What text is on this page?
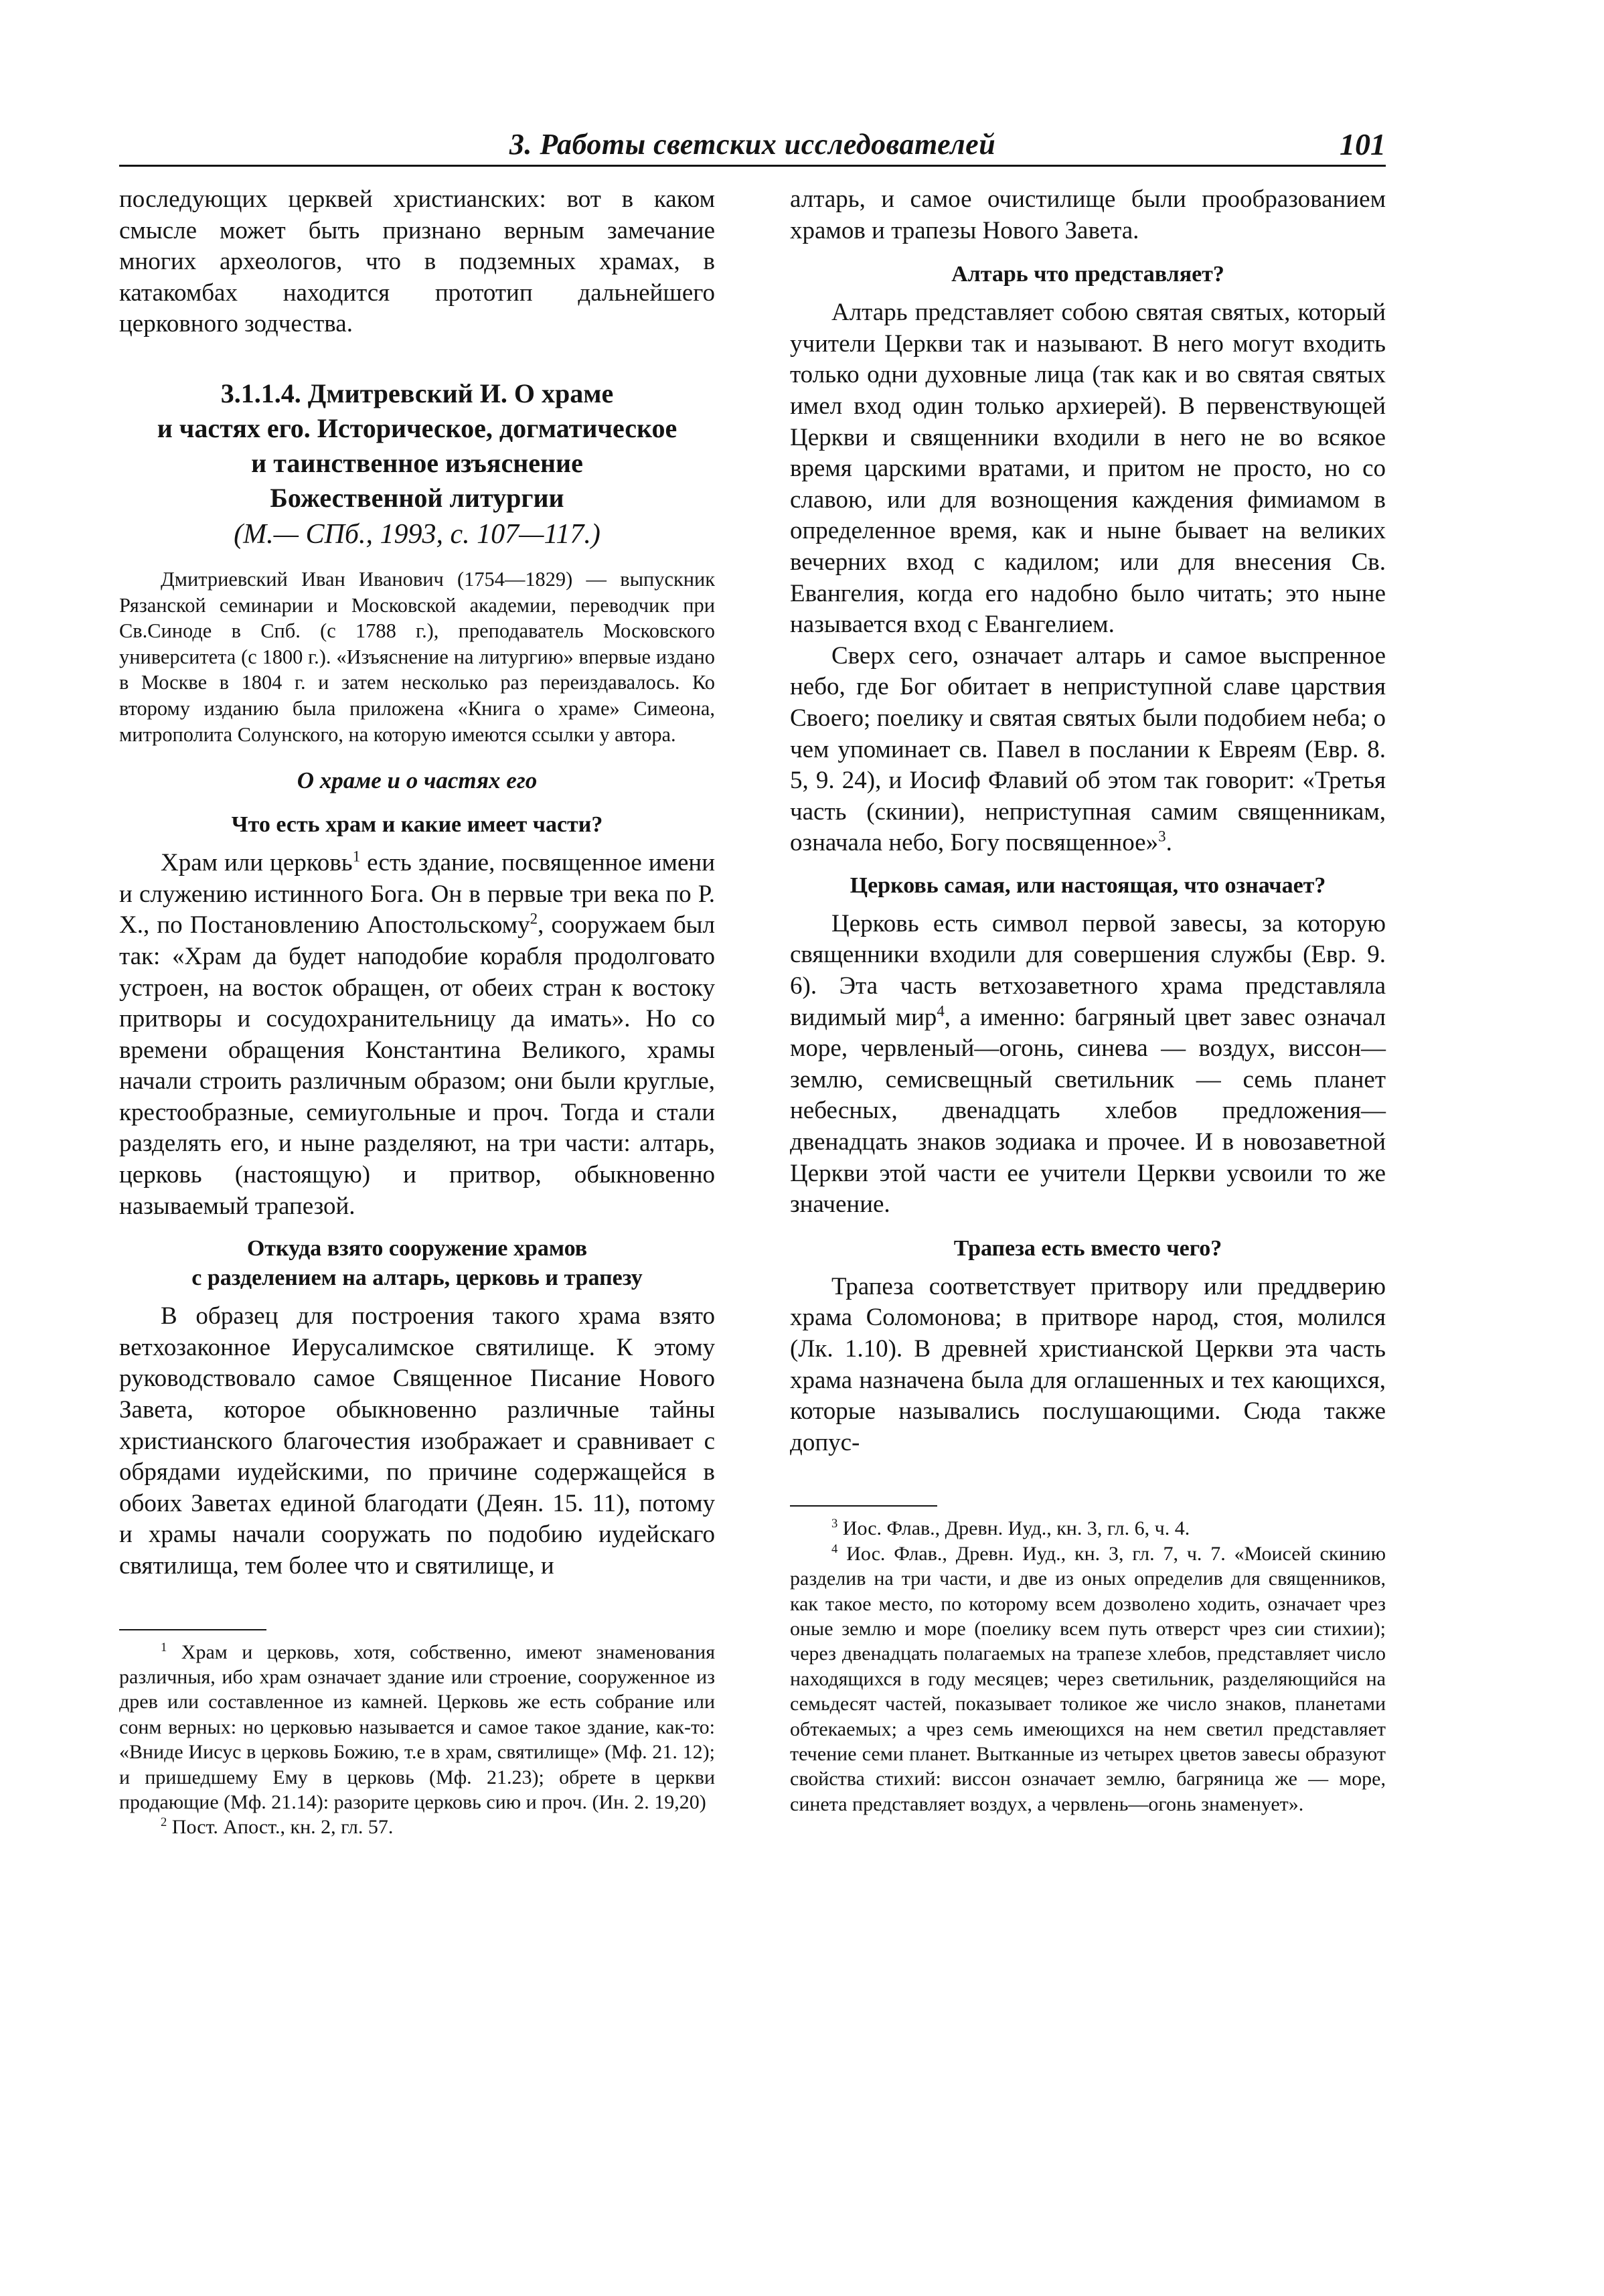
3. Работы светских исследователей	101

последующих церквей христианских: вот в каком смысле может быть признано верным замечание многих археологов, что в подземных храмах, в катакомбах находится прототип дальнейшего церковного зодчества.

3.1.1.4. Дмитревский И. О храме
и частях его. Историческое, догматическое
и таинственное изъяснение
Божественной литургии
(М.— СПб., 1993, с. 107—117.)

Дмитриевский Иван Иванович (1754—1829) — выпускник Рязанской семинарии и Московской академии, переводчик при Св.Синоде в Спб. (с 1788 г.), преподаватель Московского университета (с 1800 г.). «Изъяснение на литургию» впервые издано в Москве в 1804 г. и затем несколько раз переиздавалось. Ко второму изданию была приложена «Книга о храме» Симеона, митрополита Солунского, на которую имеются ссылки у автора.

О храме и о частях его
Что есть храм и какие имеет части?

Храм или церковь$^1$ есть здание, посвященное имени и служению истинного Бога. Он в первые три века по Р. Х., по Постановлению Апостольскому$^2$, сооружаем был так: «Храм да будет наподобие корабля продолговато устроен, на восток обращен, от обеих стран к востоку притворы и сосудохранительницу да имать». Но со времени обращения Константина Великого, храмы начали строить различным образом; они были круглые, крестообразные, семиугольные и проч. Тогда и стали разделять его, и ныне разделяют, на три части: алтарь, церковь (настоящую) и притвор, обыкновенно называемый трапезой.

Откуда взято сооружение храмов
с разделением на алтарь, церковь и трапезу

В образец для построения такого храма взято ветхозаконное Иерусалимское святилище. К этому руководствовало самое Священное Писание Нового Завета, которое обыкновенно различные тайны христианского благочестия изображает и сравнивает с обрядами иудейскими, по причине содержащейся в обоих Заветах единой благодати (Деян. 15. 11), потому и храмы начали сооружать по подобию иудейскаго святилища, тем более что и святилище, и

$^1$ Храм и церковь, хотя, собственно, имеют знаменования различныя, ибо храм означает здание или строение, сооруженное из древ или составленное из камней. Церковь же есть собрание или сонм верных: но церковью называется и самое такое здание, как-то: «Вниде Иисус в церковь Божию, т.е в храм, святилище» (Мф. 21. 12); и пришедшему Ему в церковь (Мф. 21.23); обрете в церкви продающие (Мф. 21.14): разорите церковь сию и проч. (Ин. 2. 19,20)

$^2$ Пост. Апост., кн. 2, гл. 57.

алтарь, и самое очистилище были прообразованием храмов и трапезы Нового Завета.

Алтарь что представляет?

Алтарь представляет собою святая святых, который учители Церкви так и называют. В него могут входить только одни духовные лица (так как и во святая святых имел вход один только архиерей). В первенствующей Церкви и священники входили в него не во всякое время царскими вратами, и притом не просто, но со славою, или для вознощения каждения фимиамом в определенное время, как и ныне бывает на великих вечерних вход с кадилом; или для внесения Св. Евангелия, когда его надобно было читать; это ныне называется вход с Евангелием.

Сверх сего, означает алтарь и самое выспренное небо, где Бог обитает в неприступной славе царствия Своего; поелику и святая святых были подобием неба; о чем упоминает св. Павел в послании к Евреям (Евр. 8. 5, 9. 24), и Иосиф Флавий об этом так говорит: «Третья часть (скинии), неприступная самим священникам, означала небо, Богу посвященное»$^3$.

Церковь самая, или настоящая, что означает?

Церковь есть символ первой завесы, за которую священники входили для совершения службы (Евр. 9. 6). Эта часть ветхозаветного храма представляла видимый мир$^4$, а именно: багряный цвет завес означал море, червленый—огонь, синева — воздух, виссон—землю, семисвещный светильник — семь планет небесных, двенадцать хлебов предложения—двенадцать знаков зодиака и прочее. И в новозаветной Церкви этой части ее учители Церкви усвоили то же значение.

Трапеза есть вместо чего?

Трапеза соответствует притвору или преддверию храма Соломонова; в притворе народ, стоя, молился (Лк. 1.10). В древней христианской Церкви эта часть храма назначена была для оглашенных и тех кающихся, которые назывались послушающими. Сюда также допус-

$^3$ Иос. Флав., Древн. Иуд., кн. 3, гл. 6, ч. 4.

$^4$ Иос. Флав., Древн. Иуд., кн. 3, гл. 7, ч. 7. «Моисей скинию разделив на три части, и две из оных определив для священников, как такое место, по которому всем дозволено ходить, означает чрез оные землю и море (поелику всем путь отверст чрез сии стихии); через двенадцать полагаемых на трапезе хлебов, представляет число находящихся в году месяцев; через светильник, разделяющийся на семьдесят частей, показывает толикое же число знаков, планетами обтекаемых; а чрез семь имеющихся на нем светил представляет течение семи планет. Вытканные из четырех цветов завесы образуют свойства стихий: виссон означает землю, багряница же — море, синета представляет воздух, а червлень—огонь знаменует».
